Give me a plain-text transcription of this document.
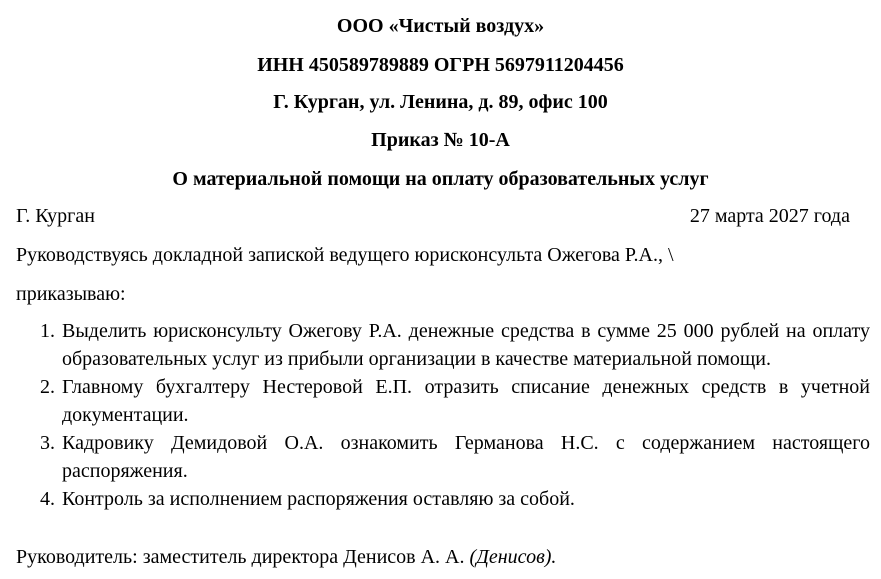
ООО «Чистый воздух»
ИНН 450589789889 ОГРН 5697911204456
Г. Курган, ул. Ленина, д. 89, офис 100
Приказ № 10-А
О материальной помощи на оплату образовательных услуг
Г. Курган	27 марта 2027 года
Руководствуясь докладной запиской ведущего юрисконсульта Ожегова Р.А., \
приказываю:
1. Выделить юрисконсульту Ожегову Р.А. денежные средства в сумме 25 000 рублей на оплату образовательных услуг из прибыли организации в качестве материальной помощи.
2. Главному бухгалтеру Нестеровой Е.П. отразить списание денежных средств в учетной документации.
3. Кадровику Демидовой О.А. ознакомить Германова Н.С. с содержанием настоящего распоряжения.
4. Контроль за исполнением распоряжения оставляю за собой.
Руководитель: заместитель директора Денисов А. А. (Денисов).
